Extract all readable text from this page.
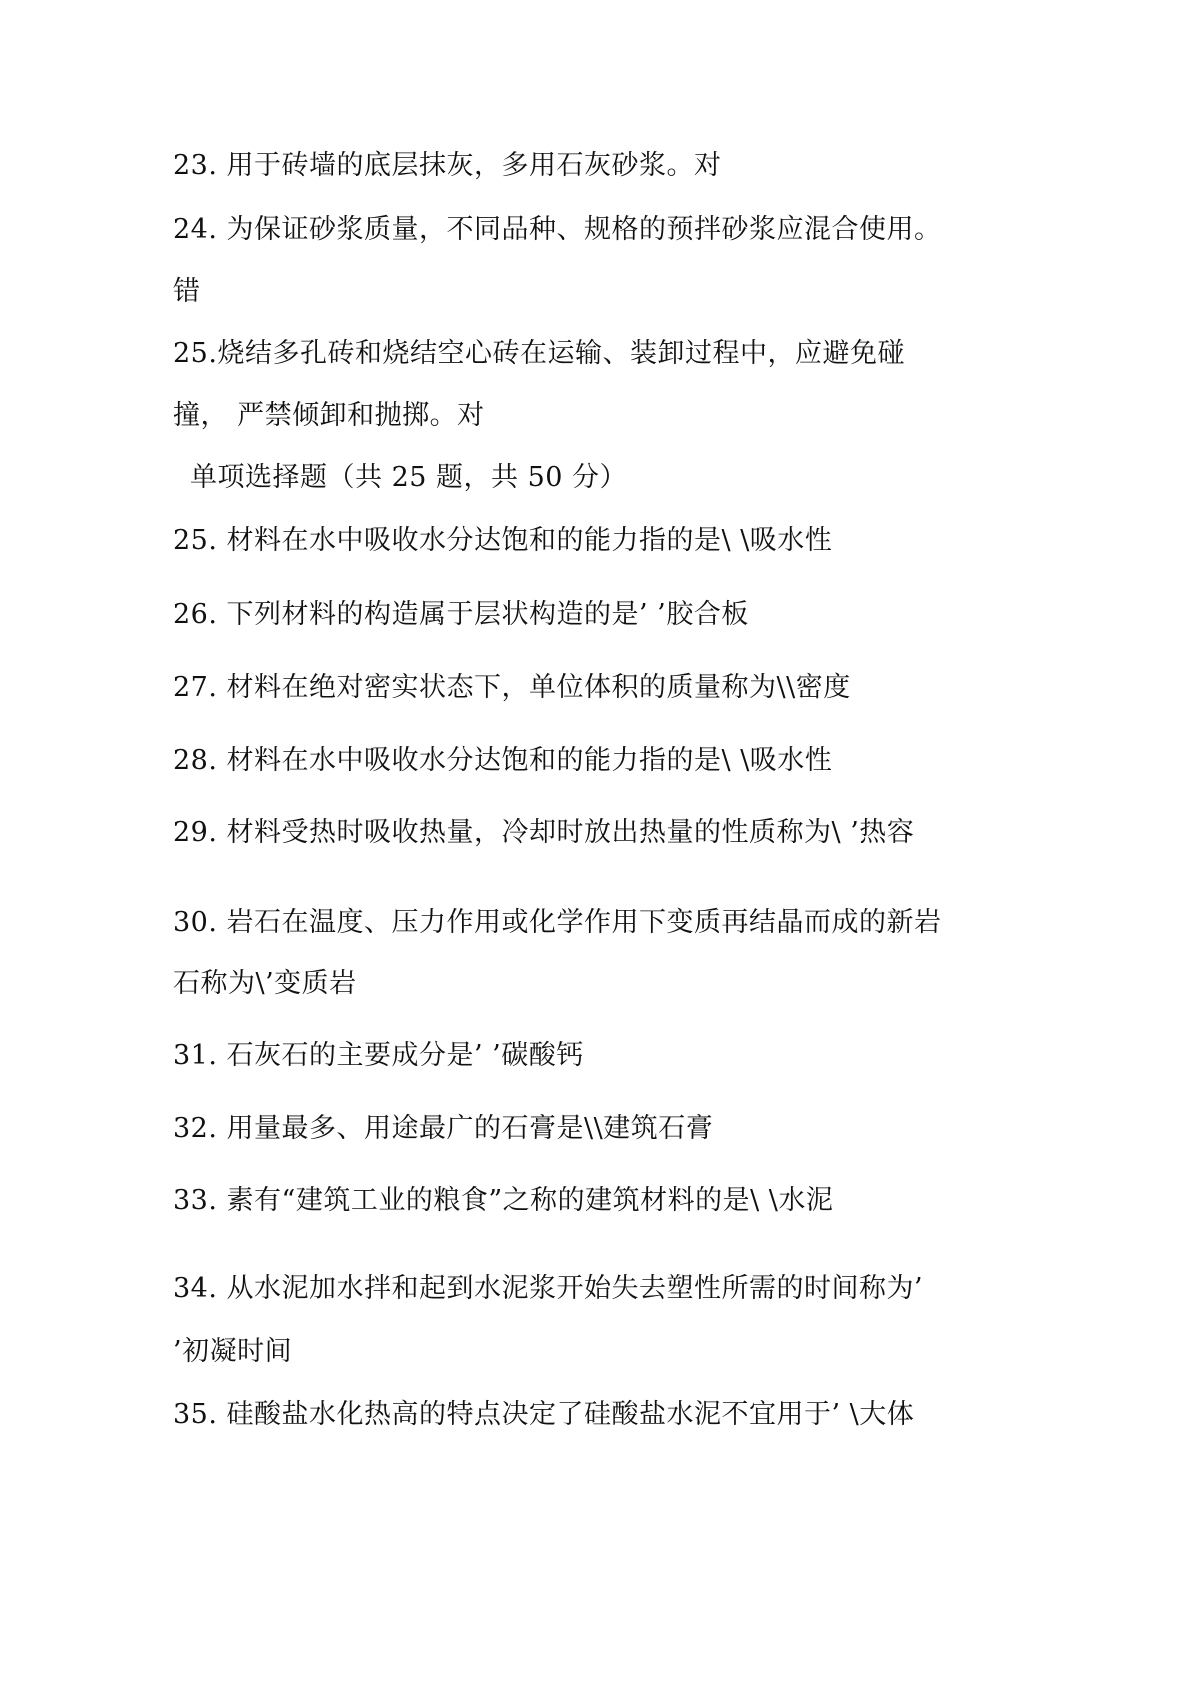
23. 用于砖墙的底层抹灰，多用石灰砂浆。对
24. 为保证砂浆质量，不同品种、规格的预拌砂浆应混合使用。
错
25.烧结多孔砖和烧结空心砖在运输、装卸过程中，应避免碰
撞， 严禁倾卸和抛掷。对
单项选择题（共 25 题，共 50 分）
25. 材料在水中吸收水分达饱和的能力指的是\ \吸水性
26. 下列材料的构造属于层状构造的是’ ’胶合板
27. 材料在绝对密实状态下，单位体积的质量称为\\密度
28. 材料在水中吸收水分达饱和的能力指的是\ \吸水性
29. 材料受热时吸收热量，冷却时放出热量的性质称为\ ’热容
30. 岩石在温度、压力作用或化学作用下变质再结晶而成的新岩
石称为\’变质岩
31. 石灰石的主要成分是’ ’碳酸钙
32. 用量最多、用途最广的石膏是\\建筑石膏
33. 素有“建筑工业的粮食”之称的建筑材料的是\ \水泥
34. 从水泥加水拌和起到水泥浆开始失去塑性所需的时间称为’
’初凝时间
35. 硅酸盐水化热高的特点决定了硅酸盐水泥不宜用于’ \大体
